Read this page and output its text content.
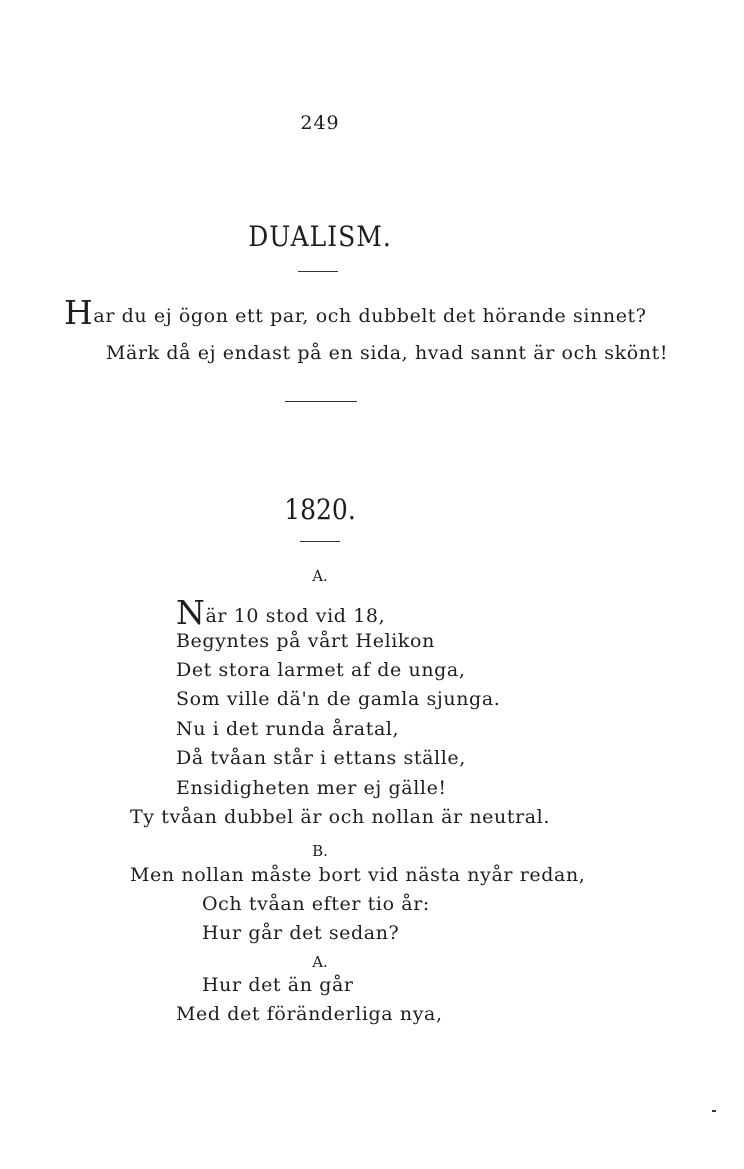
249
DUALISM.
Har du ej ögon ett par, och dubbelt det hörande sinnet?
Märk då ej endast på en sida, hvad sannt är och skönt!
1820.
A.
När 10 stod vid 18,
Begyntes på vårt Helikon
Det stora larmet af de unga,
Som ville dä'n de gamla sjunga.
Nu i det runda åratal,
Då tvåan står i ettans ställe,
Ensidigheten mer ej gälle!
Ty tvåan dubbel är och nollan är neutral.
B.
Men nollan måste bort vid nästa nyår redan,
Och tvåan efter tio år:
Hur går det sedan?
A.
Hur det än går
Med det föränderliga nya,
